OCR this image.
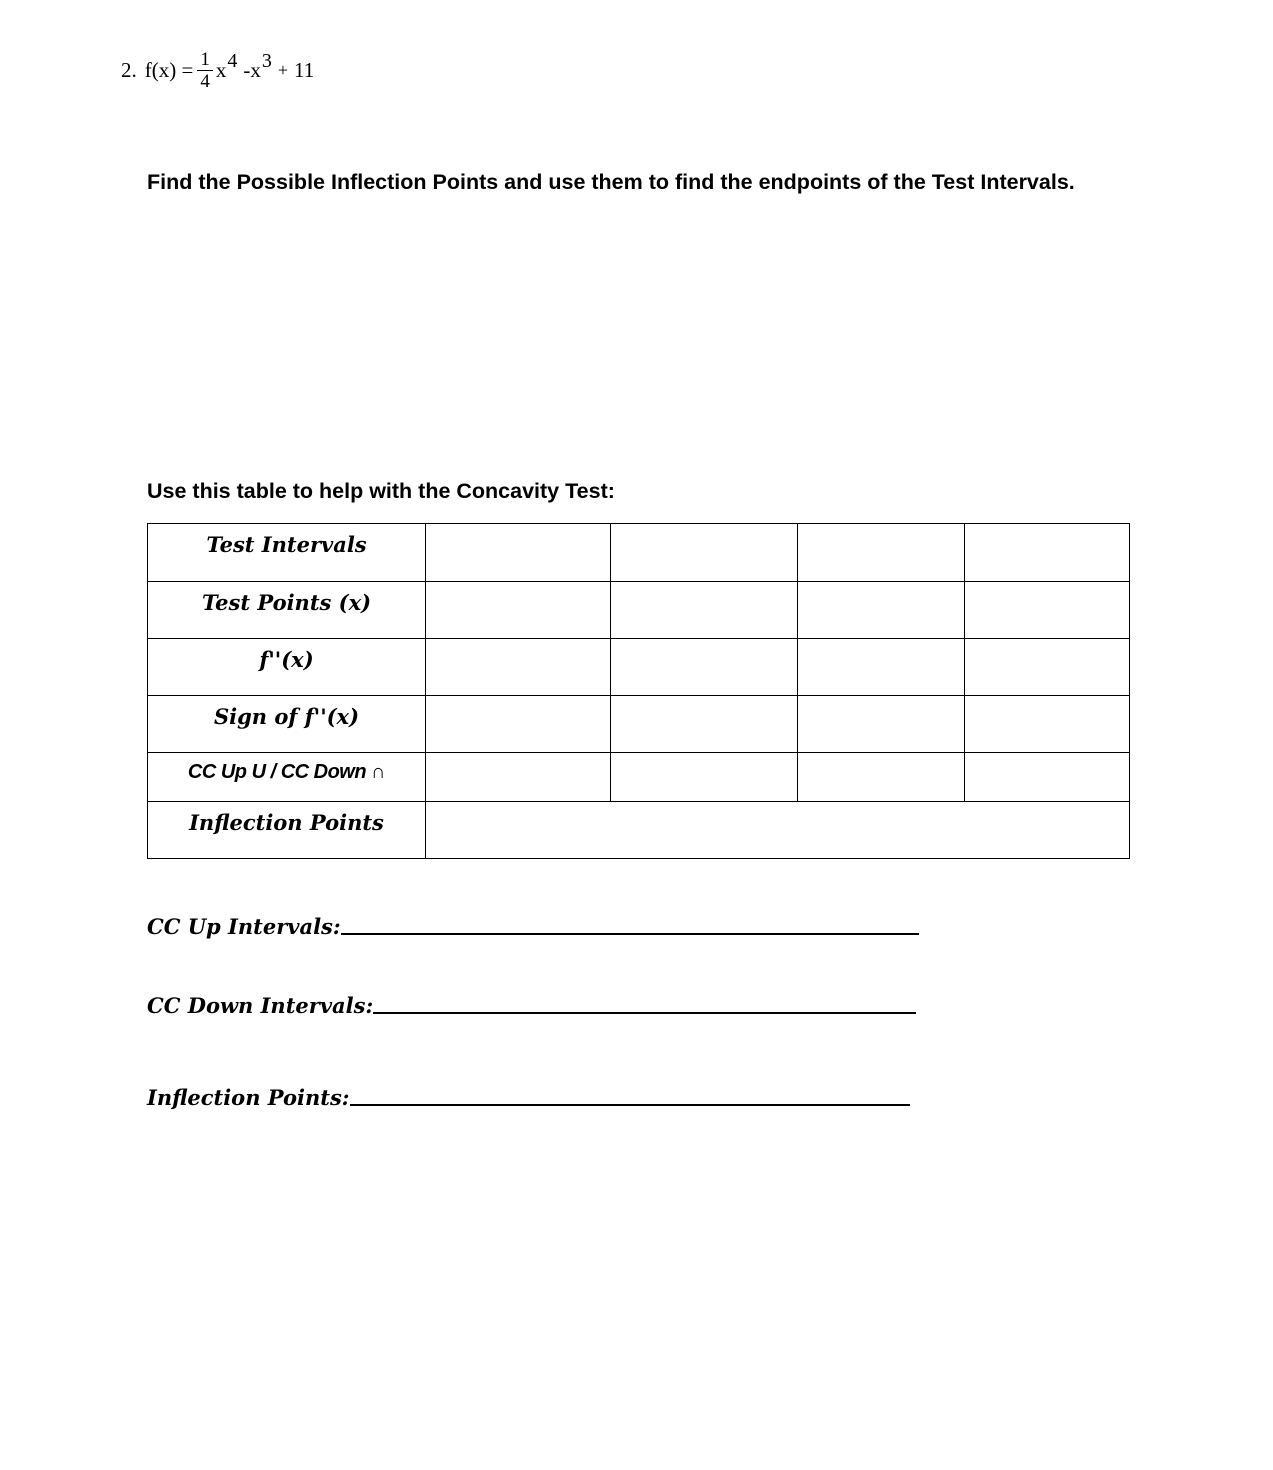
2. $f(x) = \frac{1}{4}$ x 4 -x 3 + 11
Find the Possible Inflection Points and use them to find the endpoints of the Test Intervals.
Use this table to help with the Concavity Test:
Test Intervals				
Test Points (x)				
f''(x)				
Sign of f''(x)				
CC Up U / CC Down ∩				
Inflection Points				
CC Up Intervals:
CC Down Intervals:
Inflection Points:
